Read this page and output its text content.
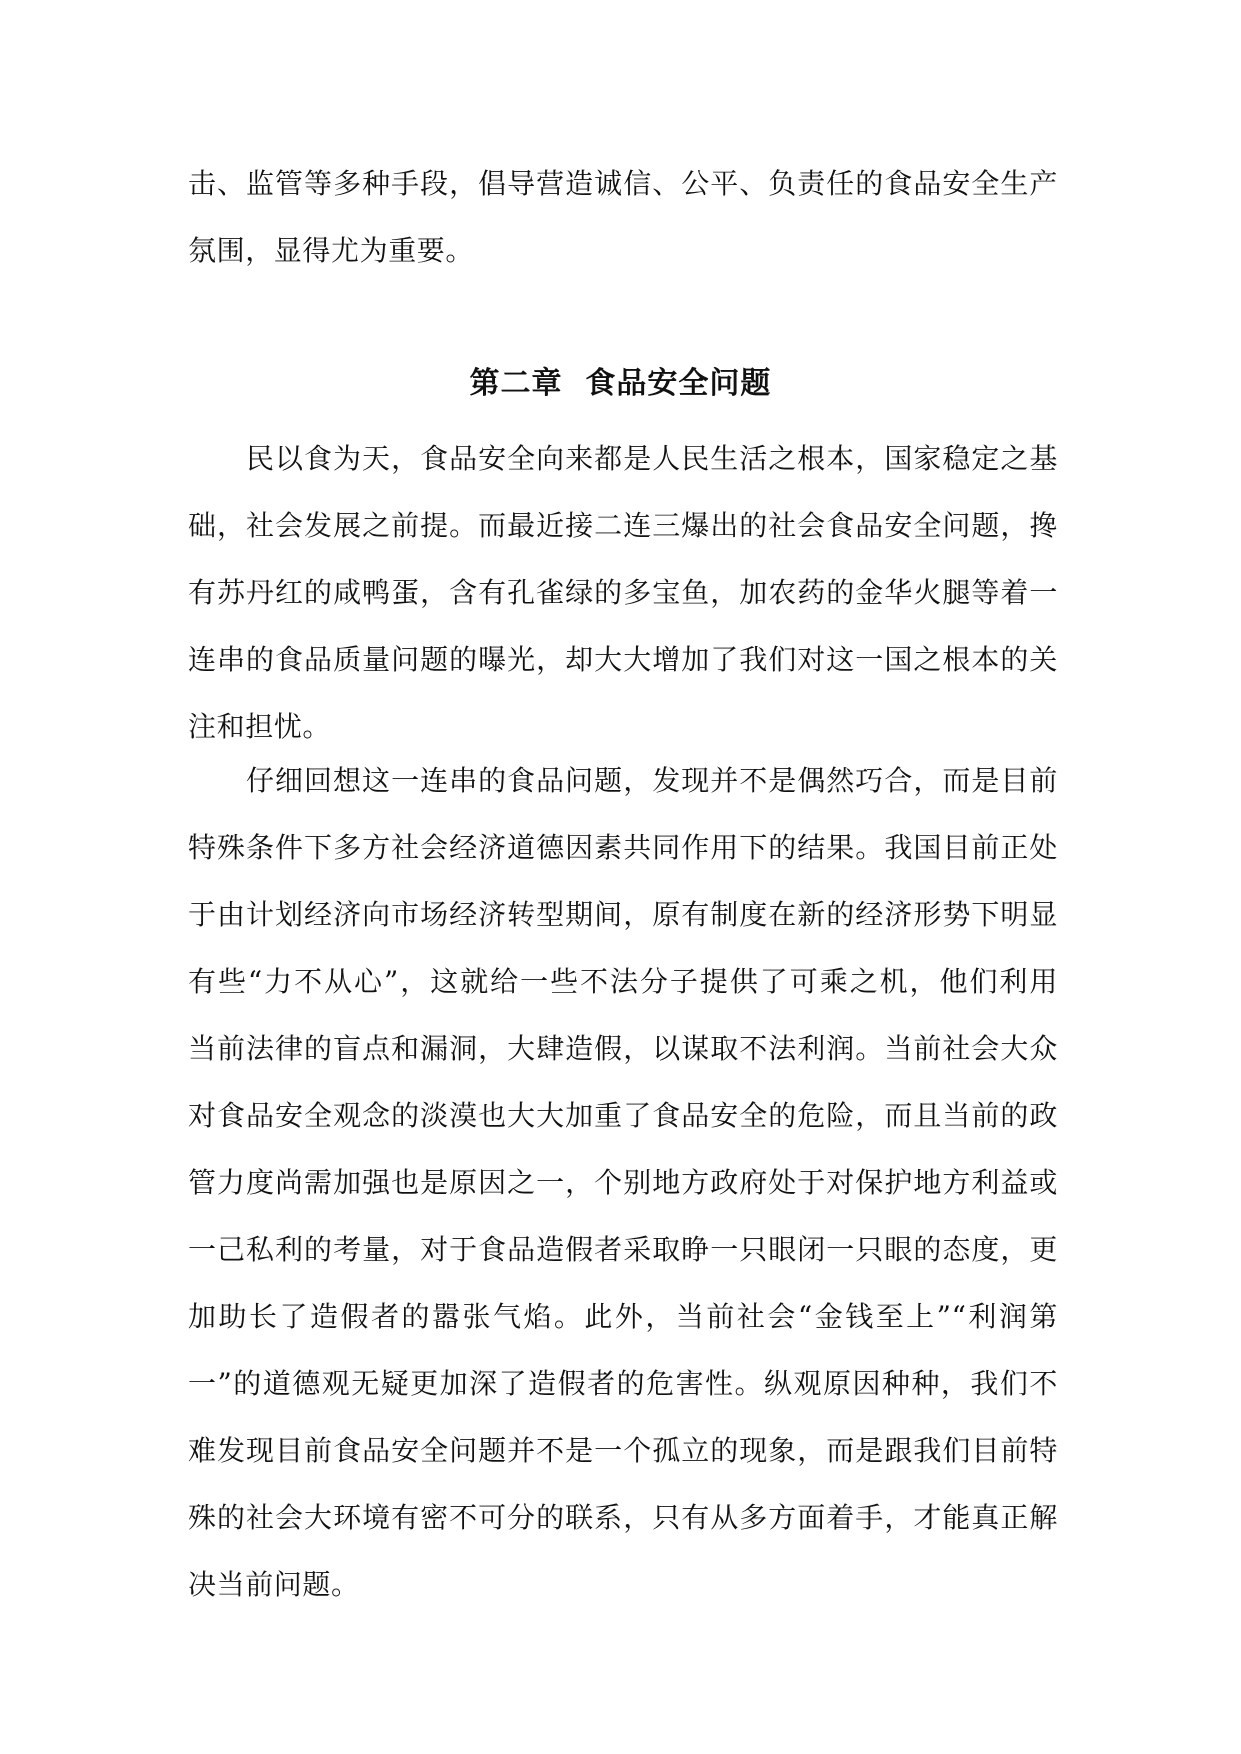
击、监管等多种手段，倡导营造诚信、公平、负责任的食品安全生产
氛围，显得尤为重要。
第二章  食品安全问题
民以食为天，食品安全向来都是人民生活之根本，国家稳定之基
础，社会发展之前提。而最近接二连三爆出的社会食品安全问题，搀
有苏丹红的咸鸭蛋，含有孔雀绿的多宝鱼，加农药的金华火腿等着一
连串的食品质量问题的曝光，却大大增加了我们对这一国之根本的关
注和担忧。
仔细回想这一连串的食品问题，发现并不是偶然巧合，而是目前
特殊条件下多方社会经济道德因素共同作用下的结果。我国目前正处
于由计划经济向市场经济转型期间，原有制度在新的经济形势下明显
有些“力不从心”，这就给一些不法分子提供了可乘之机，他们利用
当前法律的盲点和漏洞，大肆造假，以谋取不法利润。当前社会大众
对食品安全观念的淡漠也大大加重了食品安全的危险，而且当前的政
管力度尚需加强也是原因之一，个别地方政府处于对保护地方利益或
一己私利的考量，对于食品造假者采取睁一只眼闭一只眼的态度，更
加助长了造假者的嚣张气焰。此外，当前社会“金钱至上”“利润第
一”的道德观无疑更加深了造假者的危害性。纵观原因种种，我们不
难发现目前食品安全问题并不是一个孤立的现象，而是跟我们目前特
殊的社会大环境有密不可分的联系，只有从多方面着手，才能真正解
决当前问题。
